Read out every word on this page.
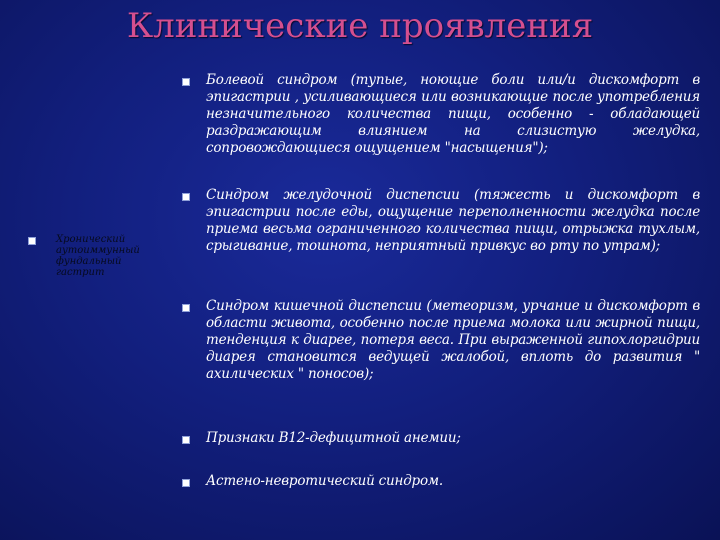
Клинические проявления
Хронический аутоиммунный фундальный гастрит
Болевой синдром (тупые, ноющие боли или/и дискомфорт в эпигастрии , усиливающиеся или возникающие после употребления незначительного количества пищи, особенно - обладающей раздражающим влиянием на слизистую желудка, сопровождающиеся ощущением "насыщения");
Синдром желудочной диспепсии (тяжесть и дискомфорт в эпигастрии после еды, ощущение переполненности желудка после приема весьма ограниченного количества пищи, отрыжка тухлым, срыгивание, тошнота, неприятный привкус во рту по утрам);
Синдром кишечной диспепсии (метеоризм, урчание и дискомфорт в области живота, особенно после приема молока или жирной пищи, тенденция к диарее, потеря веса. При выраженной гипохлоргидрии диарея становится ведущей жалобой, вплоть до развития " ахилических " поносов);
Признаки B12-дефицитной анемии;
Астено-невротический синдром.
